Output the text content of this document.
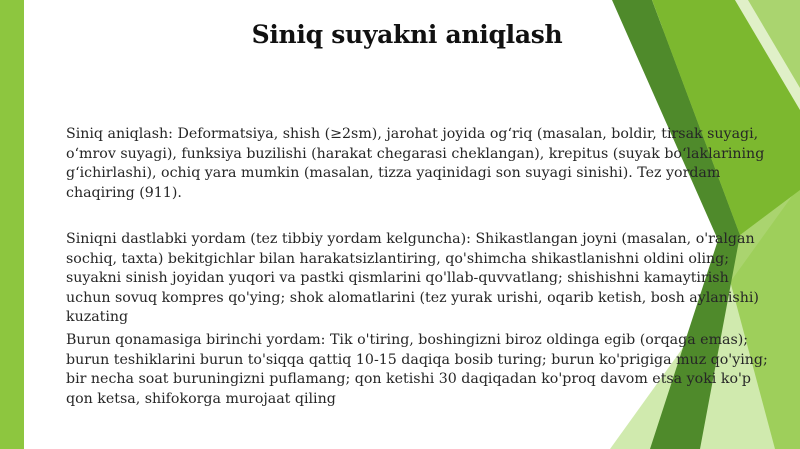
Siniq suyakni aniqlash
Siniq aniqlash: Deformatsiya, shish (≥2sm), jarohat joyida og‘riq (masalan, boldir, tirsak suyagi, o‘mrov suyagi), funksiya buzilishi (harakat chegarasi cheklangan), krepitus (suyak bo‘laklarining g‘ichirlashi), ochiq yara mumkin (masalan, tizza yaqinidagi son suyagi sinishi). Tez yordam chaqiring (911).
Siniqni dastlabki yordam (tez tibbiy yordam kelguncha): Shikastlangan joyni (masalan, o'ralgan sochiq, taxta) bekitgichlar bilan harakatsizlantiring, qo'shimcha shikastlanishni oldini oling; suyakni sinish joyidan yuqori va pastki qismlarini qo'llab-quvvatlang; shishishni kamaytirish uchun sovuq kompres qo'ying; shok alomatlarini (tez yurak urishi, oqarib ketish, bosh aylanishi) kuzating
Burun qonamasiga birinchi yordam: Tik o'tiring, boshingizni biroz oldinga egib (orqaga emas); burun teshiklarini burun to'siqqa qattiq 10-15 daqiqa bosib turing; burun ko'prigiga muz qo'ying; bir necha soat buruningizni puflamang; qon ketishi 30 daqiqadan ko'proq davom etsa yoki ko'p qon ketsa, shifokorga murojaat qiling
